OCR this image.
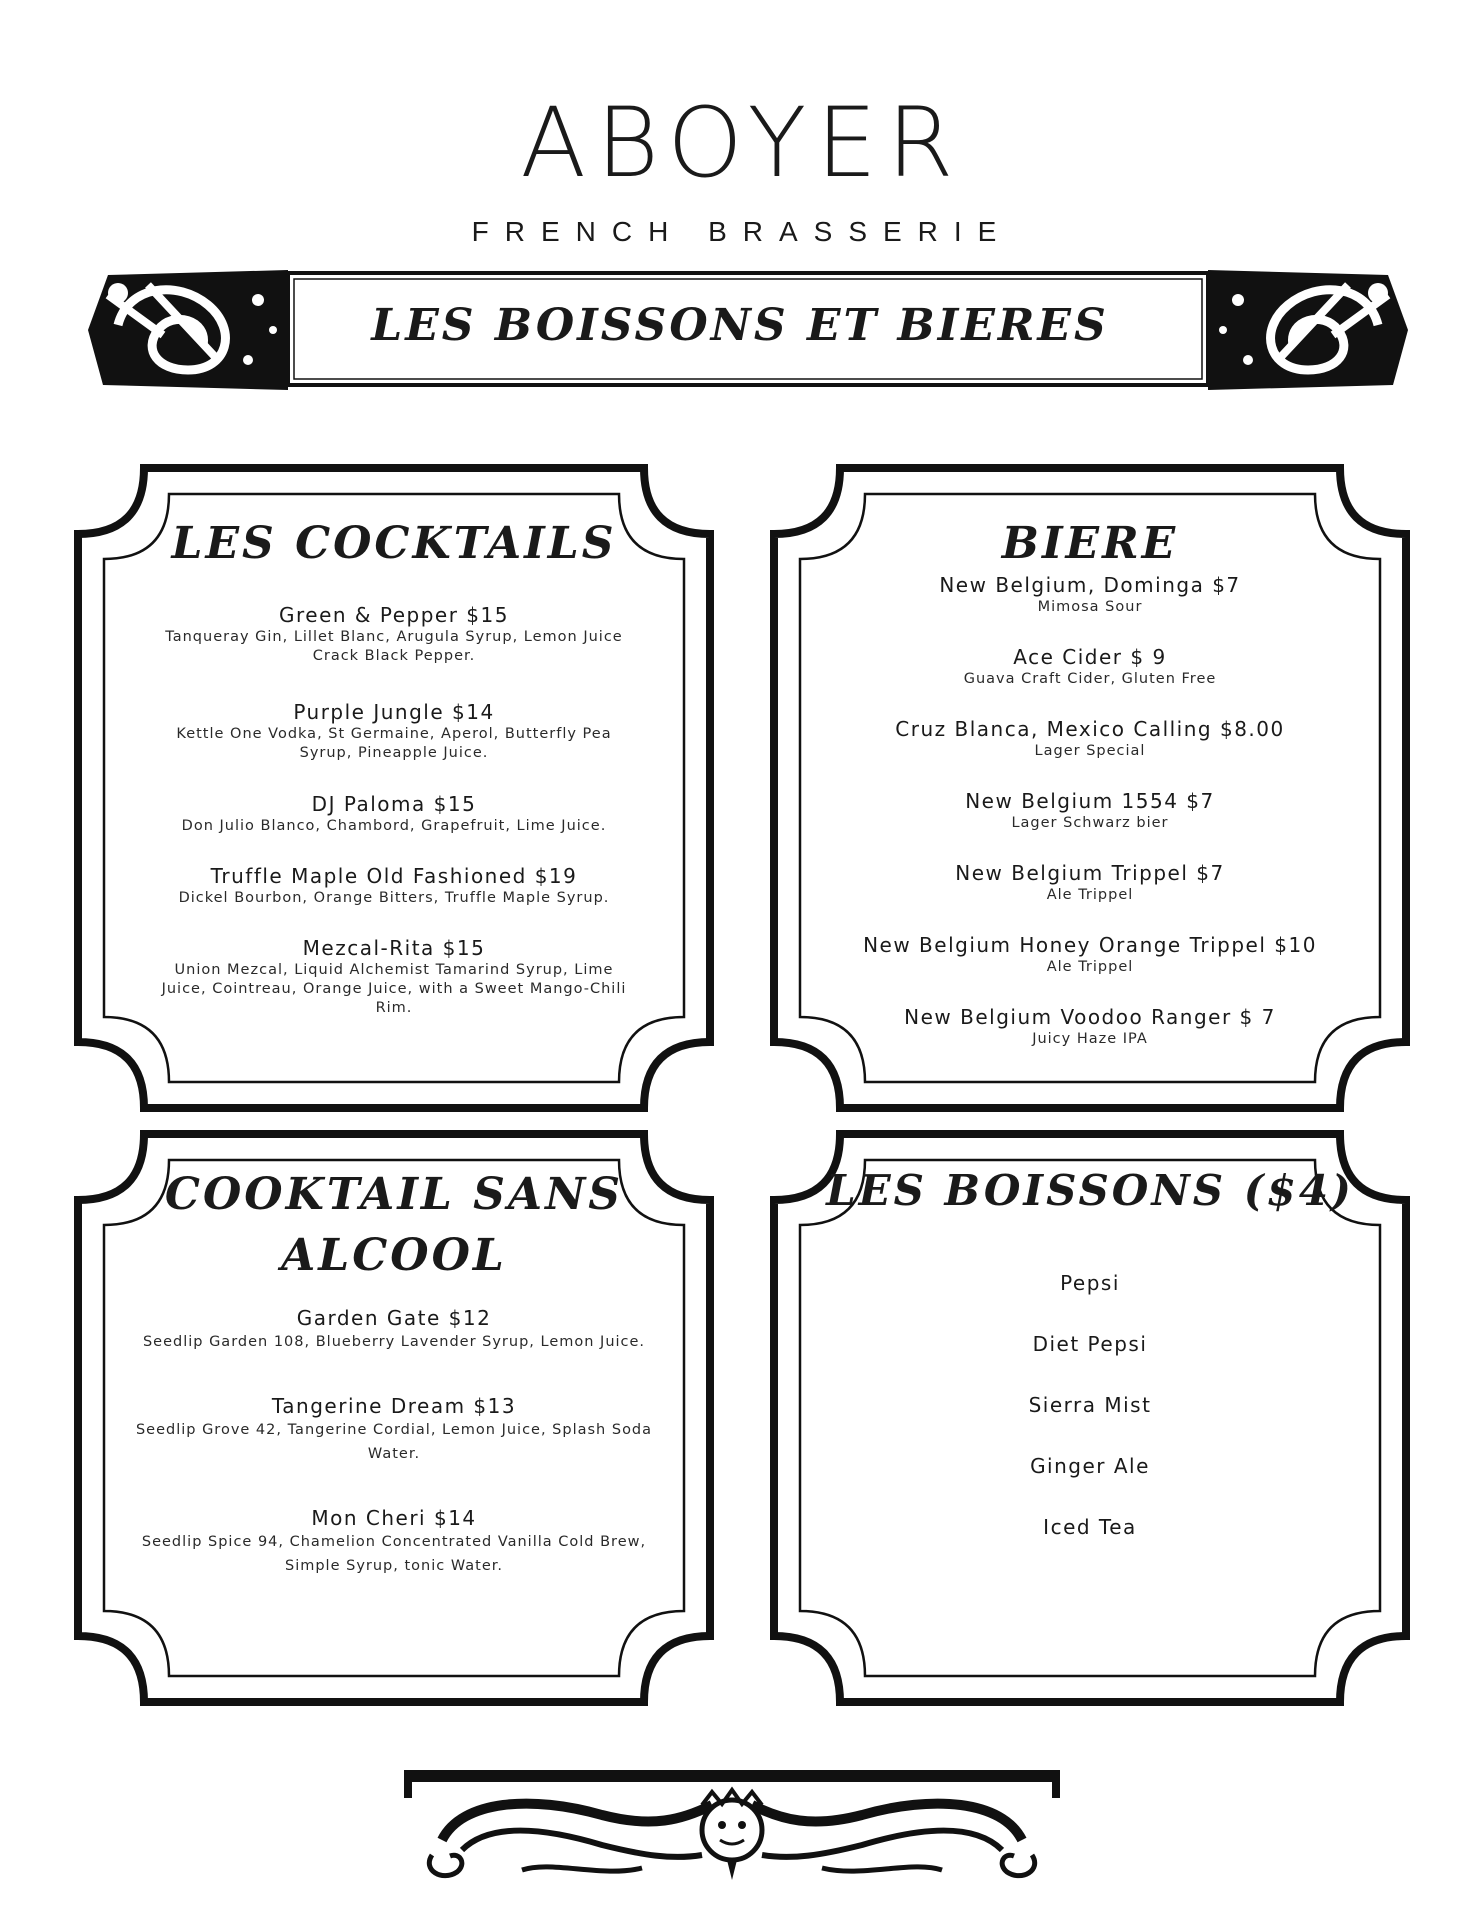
ABOYER
FRENCH BRASSERIE
LES BOISSONS ET BIERES
LES COCKTAILS
Green & Pepper $15
Tanqueray Gin, Lillet Blanc, Arugula Syrup, Lemon Juice Crack Black Pepper.
Purple Jungle $14
Kettle One Vodka, St Germaine, Aperol, Butterfly Pea Syrup, Pineapple Juice.
DJ Paloma $15
Don Julio Blanco, Chambord, Grapefruit, Lime Juice.
Truffle Maple Old Fashioned $19
Dickel Bourbon, Orange Bitters, Truffle Maple Syrup.
Mezcal-Rita $15
Union Mezcal, Liquid Alchemist Tamarind Syrup, Lime Juice, Cointreau, Orange Juice, with a Sweet Mango-Chili Rim.
BIERE
New Belgium, Dominga $7
Mimosa Sour
Ace Cider $ 9
Guava Craft Cider, Gluten Free
Cruz Blanca, Mexico Calling $8.00
Lager Special
New Belgium 1554 $7
Lager Schwarz bier
New Belgium Trippel $7
Ale Trippel
New Belgium Honey Orange Trippel $10
Ale Trippel
New Belgium Voodoo Ranger $ 7
Juicy Haze IPA
COOKTAIL SANS
ALCOOL
Garden Gate $12
Seedlip Garden 108, Blueberry Lavender Syrup, Lemon Juice.
Tangerine Dream $13
Seedlip Grove 42, Tangerine Cordial, Lemon Juice, Splash Soda Water.
Mon Cheri $14
Seedlip Spice 94, Chamelion Concentrated Vanilla Cold Brew, Simple Syrup, tonic Water.
LES BOISSONS ($4)
Pepsi
Diet Pepsi
Sierra Mist
Ginger Ale
Iced Tea
